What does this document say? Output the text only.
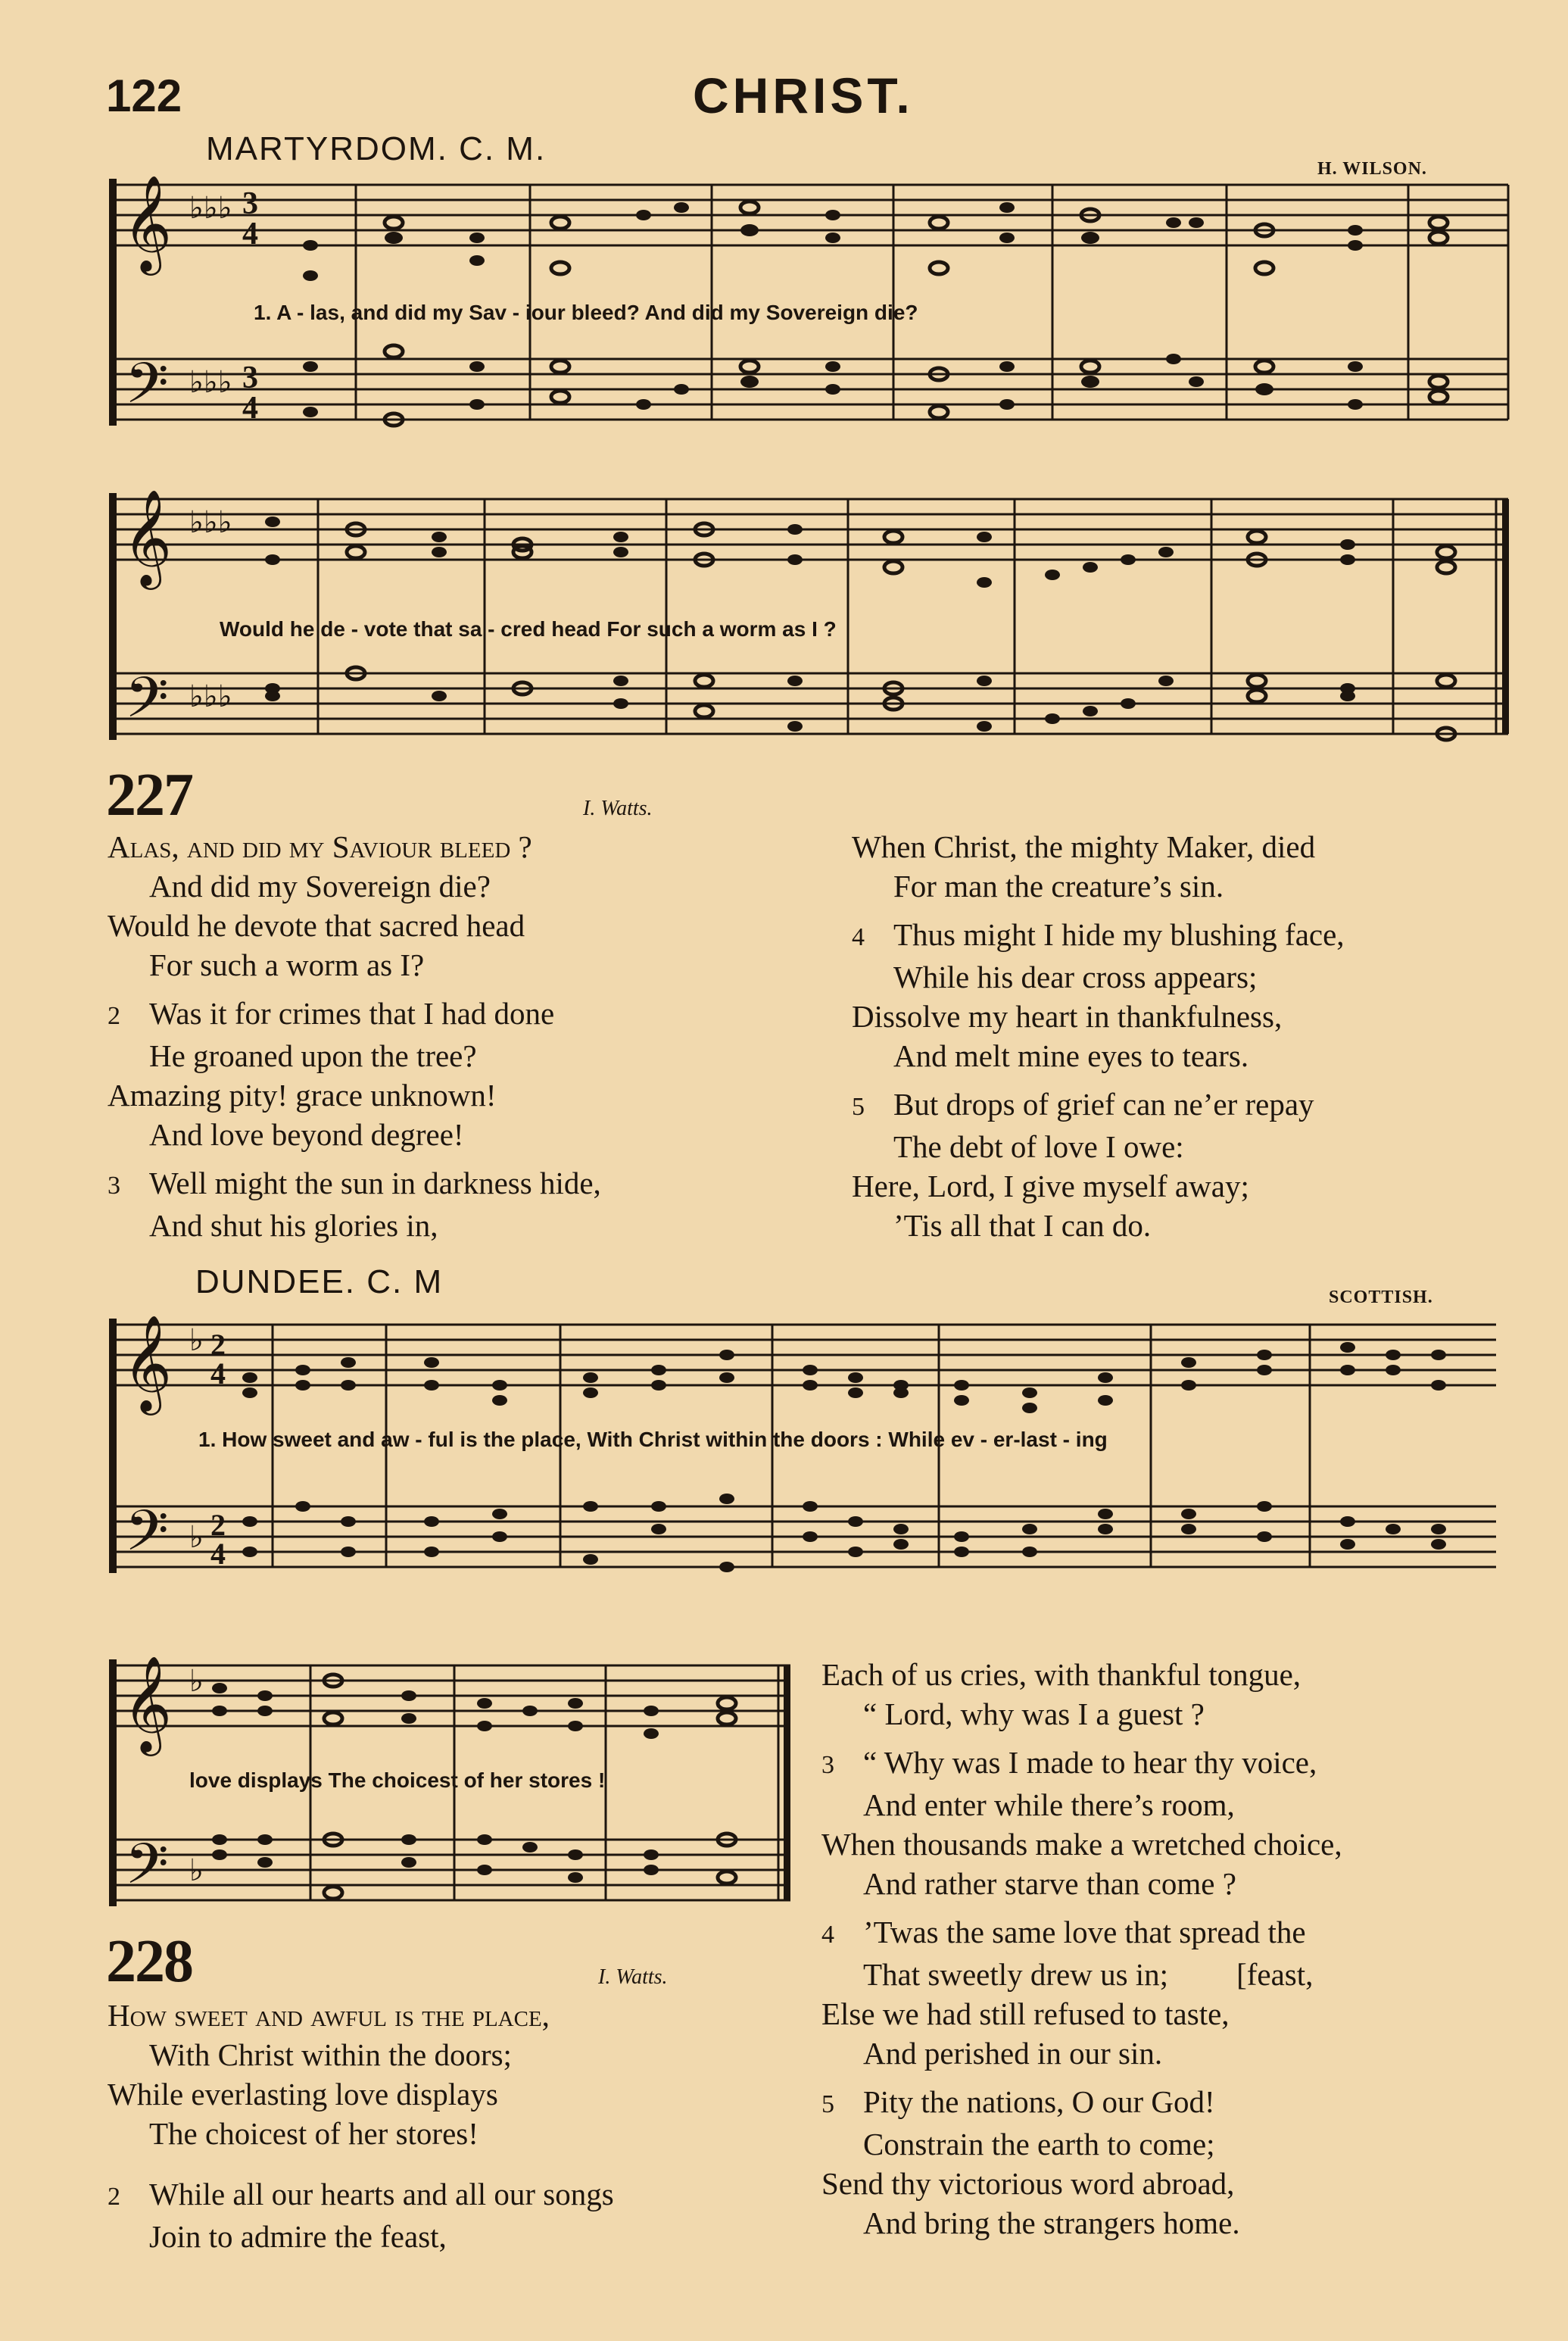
122	CHRIST.
MARTYRDOM. C. M.
H. WILSON.
𝄞
𝄢
♭♭♭
♭♭♭
3
4
3
4
1. A - las, and did my Sav - iour bleed? And did my Sovereign die?
𝄞
𝄢
♭♭♭
♭♭♭
Would he de - vote that sa - cred head For such a worm as I ?
227	I. Watts.

Alas, and did my Saviour bleed ?

And did my Sovereign die?

Would he devote that sacred head

For such a worm as I?

2 Was it for crimes that I had done

He groaned upon the tree?

Amazing pity! grace unknown!

And love beyond degree!

3 Well might the sun in darkness hide,

And shut his glories in,

When Christ, the mighty Maker, died

For man the creature’s sin.

4 Thus might I hide my blushing face,

While his dear cross appears;

Dissolve my heart in thankfulness,

And melt mine eyes to tears.

5 But drops of grief can ne’er repay

The debt of love I owe:

Here, Lord, I give myself away;

’Tis all that I can do.

DUNDEE. C. M	SCOTTISH.
𝄞
𝄢
♭
♭
2
4
2
4
1. How sweet and aw - ful is the place, With Christ within the doors : While ev - er-last - ing
𝄞
𝄢
♭
♭
love displays The choicest of her stores !
228	I. Watts.

How sweet and awful is the place,

With Christ within the doors;

While everlasting love displays

The choicest of her stores!

2 While all our hearts and all our songs

Join to admire the feast,

Each of us cries, with thankful tongue,

“ Lord, why was I a guest ?

3 “ Why was I made to hear thy voice,

And enter while there’s room,

When thousands make a wretched choice,

And rather starve than come ?

4 ’Twas the same love that spread the

That sweetly drew us in; [feast,

Else we had still refused to taste,

And perished in our sin.

5 Pity the nations, O our God!

Constrain the earth to come;

Send thy victorious word abroad,

And bring the strangers home.
